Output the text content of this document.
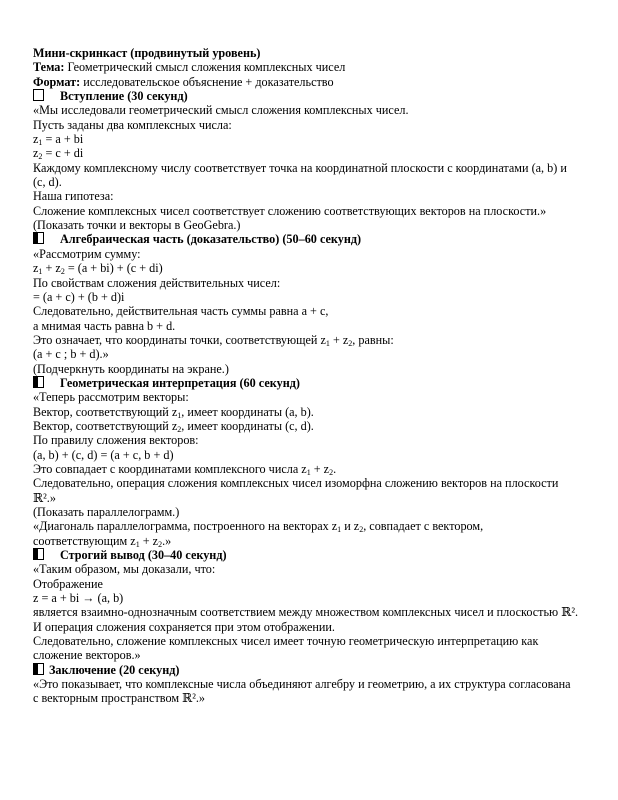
Мини-скринкаст (продвинутый уровень)
Тема: Геометрический смысл сложения комплексных чисел
Формат: исследовательское объяснение + доказательство
Вступление (30 секунд)
«Мы исследовали геометрический смысл сложения комплексных чисел.
Пусть заданы два комплексных числа:
$z_1 = a$ + bi
$z_2 = c$ + di
Каждому комплексному числу соответствует точка на координатной плоскости с координатами (a, b) и
(c, d).
Наша гипотеза:
Сложение комплексных чисел соответствует сложению соответствующих векторов на плоскости.»
(Показать точки и векторы в GeoGebra.)
Алгебраическая часть (доказательство) (50–60 секунд)
«Рассмотрим сумму:
$z_1 + z_2 = (a + bi) + (c + di)$
По свойствам сложения действительных чисел:
= (a + c) + (b + d)i
Следовательно, действительная часть суммы равна a + c,
а мнимая часть равна b + d.
Это означает, что координаты точки, соответствующей $z_1 + z_2$, равны:
(a + c ; b + d).»
(Подчеркнуть координаты на экране.)
Геометрическая интерпретация (60 секунд)
«Теперь рассмотрим векторы:
Вектор, соответствующий $z_1$, имеет координаты (a, b).
Вектор, соответствующий $z_2$, имеет координаты (c, d).
По правилу сложения векторов:
(a, b) + (c, d) = (a + c, b + d)
Это совпадает с координатами комплексного числа $z_1 + z_2$.
Следовательно, операция сложения комплексных чисел изоморфна сложению векторов на плоскости
ℝ².»
(Показать параллелограмм.)
«Диагональ параллелограмма, построенного на векторах $z_1$ и $z_2$, совпадает с вектором,
соответствующим $z_1 + z_2$.»
Строгий вывод (30–40 секунд)
«Таким образом, мы доказали, что:
Отображение
z = a + bi → (a, b)
является взаимно-однозначным соответствием между множеством комплексных чисел и плоскостью ℝ².
И операция сложения сохраняется при этом отображении.
Следовательно, сложение комплексных чисел имеет точную геометрическую интерпретацию как
сложение векторов.»
Заключение (20 секунд)
«Это показывает, что комплексные числа объединяют алгебру и геометрию, а их структура согласована
с векторным пространством ℝ².»
